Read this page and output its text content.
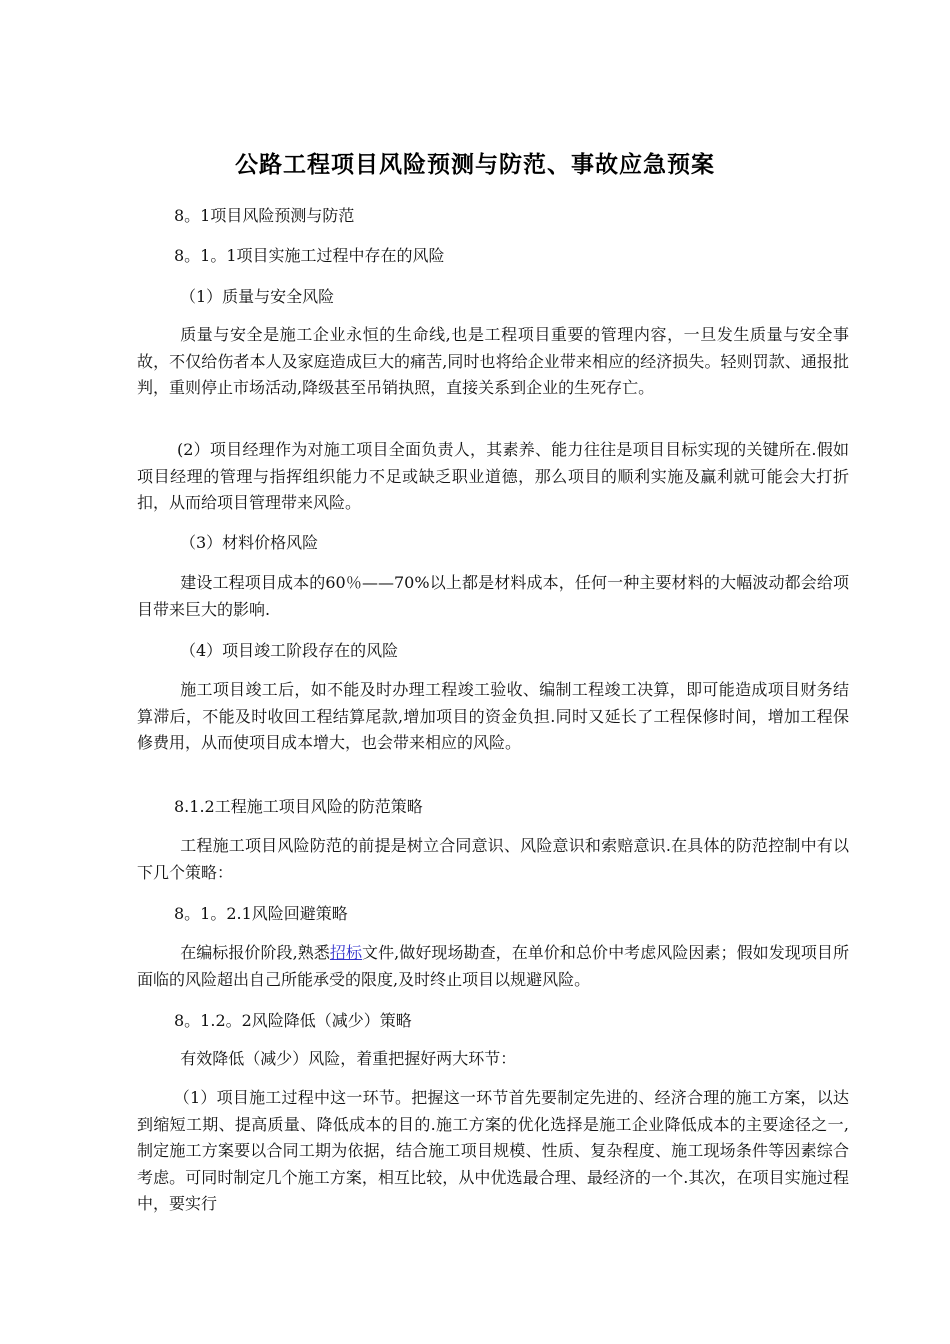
公路工程项目风险预测与防范、事故应急预案
8。1项目风险预测与防范
8。1。1项目实施工过程中存在的风险
（1）质量与安全风险
质量与安全是施工企业永恒的生命线,也是工程项目重要的管理内容，一旦发生质量与安全事故，不仅给伤者本人及家庭造成巨大的痛苦,同时也将给企业带来相应的经济损失。轻则罚款、通报批判，重则停止市场活动,降级甚至吊销执照，直接关系到企业的生死存亡。
(2）项目经理作为对施工项目全面负责人，其素养、能力往往是项目目标实现的关键所在.假如项目经理的管理与指挥组织能力不足或缺乏职业道德，那么项目的顺利实施及赢利就可能会大打折扣，从而给项目管理带来风险。
（3）材料价格风险
建设工程项目成本的60％——70%以上都是材料成本，任何一种主要材料的大幅波动都会给项目带来巨大的影响.
（4）项目竣工阶段存在的风险
施工项目竣工后，如不能及时办理工程竣工验收、编制工程竣工决算，即可能造成项目财务结算滞后，不能及时收回工程结算尾款,增加项目的资金负担.同时又延长了工程保修时间，增加工程保修费用，从而使项目成本增大，也会带来相应的风险。
8.1.2工程施工项目风险的防范策略
工程施工项目风险防范的前提是树立合同意识、风险意识和索赔意识.在具体的防范控制中有以下几个策略：
8。1。2.1风险回避策略
在编标报价阶段,熟悉招标文件,做好现场勘查，在单价和总价中考虑风险因素；假如发现项目所面临的风险超出自己所能承受的限度,及时终止项目以规避风险。
8。1.2。2风险降低（减少）策略
有效降低（减少）风险，着重把握好两大环节：
（1）项目施工过程中这一环节。把握这一环节首先要制定先进的、经济合理的施工方案，以达到缩短工期、提高质量、降低成本的目的.施工方案的优化选择是施工企业降低成本的主要途径之一,制定施工方案要以合同工期为依据，结合施工项目规模、性质、复杂程度、施工现场条件等因素综合考虑。可同时制定几个施工方案，相互比较，从中优选最合理、最经济的一个.其次，在项目实施过程中，要实行
